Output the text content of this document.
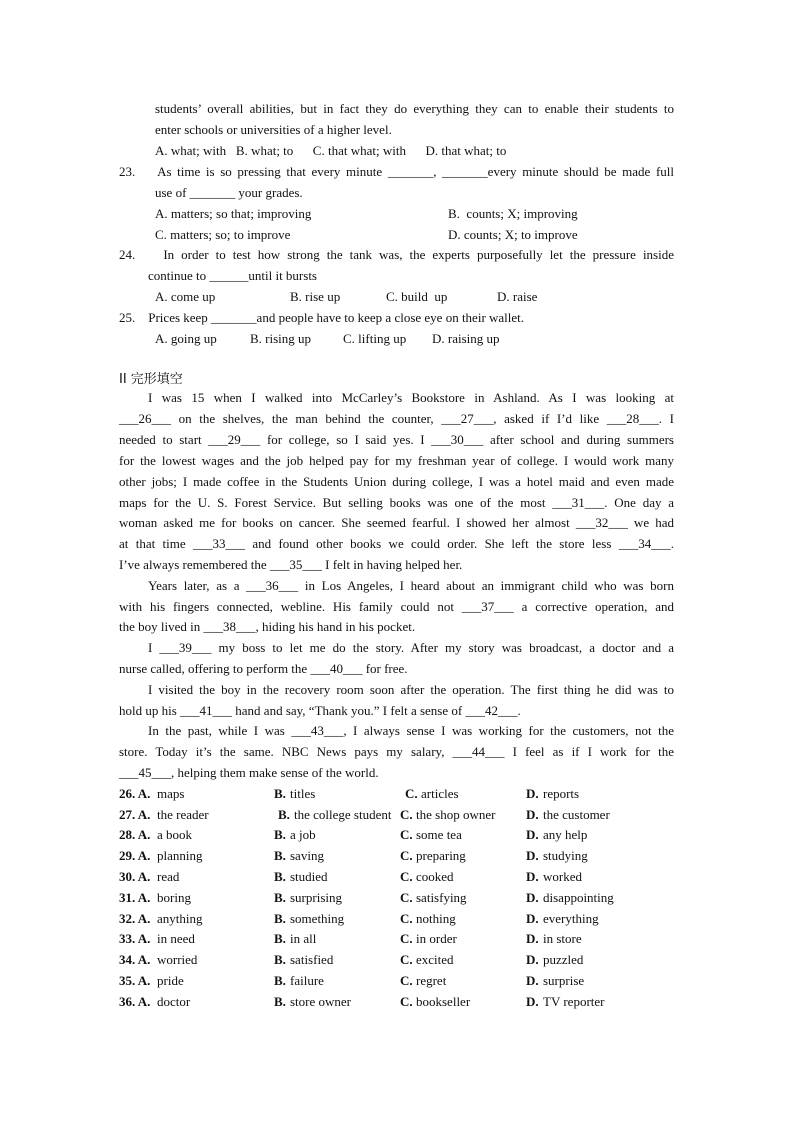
students’ overall abilities, but in fact they do everything they can to enable their students to
enter schools or universities of a higher level.
A. what; with   B. what; to      C. that what; with      D. that what; to
23.    As time is so pressing that every minute _______, _______every minute should be made full
use of _______ your grades.
A. matters; so that; improving	B.  counts; X; improving
C. matters; so; to improve	D. counts; X; to improve
24.    In order to test how strong the tank was, the experts purposefully let the pressure inside
continue to ______until it bursts
A. come up	B. rise up	C. build  up	D. raise
25.    Prices keep _______and people have to keep a close eye on their wallet.
A. going up	B. rising up C. lifting up D. raising up
II 完形填空
I was 15 when I walked into McCarley’s Bookstore in Ashland. As I was looking at
___26___ on the shelves, the man behind the counter, ___27___, asked if I’d like ___28___. I
needed to start ___29___ for college, so I said yes. I ___30___ after school and during summers
for the lowest wages and the job helped pay for my freshman year of college. I would work many
other jobs; I made coffee in the Students Union during college, I was a hotel maid and even made
maps for the U. S. Forest Service. But selling books was one of the most ___31___. One day a
woman asked me for books on cancer. She seemed fearful. I showed her almost ___32___ we had
at that time ___33___ and found other books we could order. She left the store less ___34___.
I’ve always remembered the ___35___ I felt in having helped her.
Years later, as a ___36___ in Los Angeles, I heard about an immigrant child who was born
with his fingers connected, webline. His family could not ___37___ a corrective operation, and
the boy lived in ___38___, hiding his hand in his pocket.
I ___39___ my boss to let me do the story. After my story was broadcast, a doctor and a
nurse called, offering to perform the ___40___ for free.
I visited the boy in the recovery room soon after the operation. The first thing he did was to
hold up his ___41___ hand and say, “Thank you.” I felt a sense of ___42___.
In the past, while I was ___43___, I always sense I was working for the customers, not the
store. Today it’s the same. NBC News pays my salary, ___44___ I feel as if I work for the
___45___, helping them make sense of the world.
26. A. maps	B. titles	C. articles	D. reports
27. A. the reader	B. the college student C. the shop owner D. the customer
28. A. a book	B. a job	C. some tea	D. any help
29. A. planning	B. saving	C. preparing	D. studying
30. A. read	B. studied	C. cooked	D. worked
31. A. boring	B. surprising	C. satisfying	D. disappointing
32. A. anything	B. something	C. nothing	D. everything
33. A. in need	B. in all	C. in order	D. in store
34. A. worried	B. satisfied	C. excited	D. puzzled
35. A. pride	B. failure	C. regret	D. surprise
36. A. doctor	B. store owner	C. bookseller	D. TV reporter
